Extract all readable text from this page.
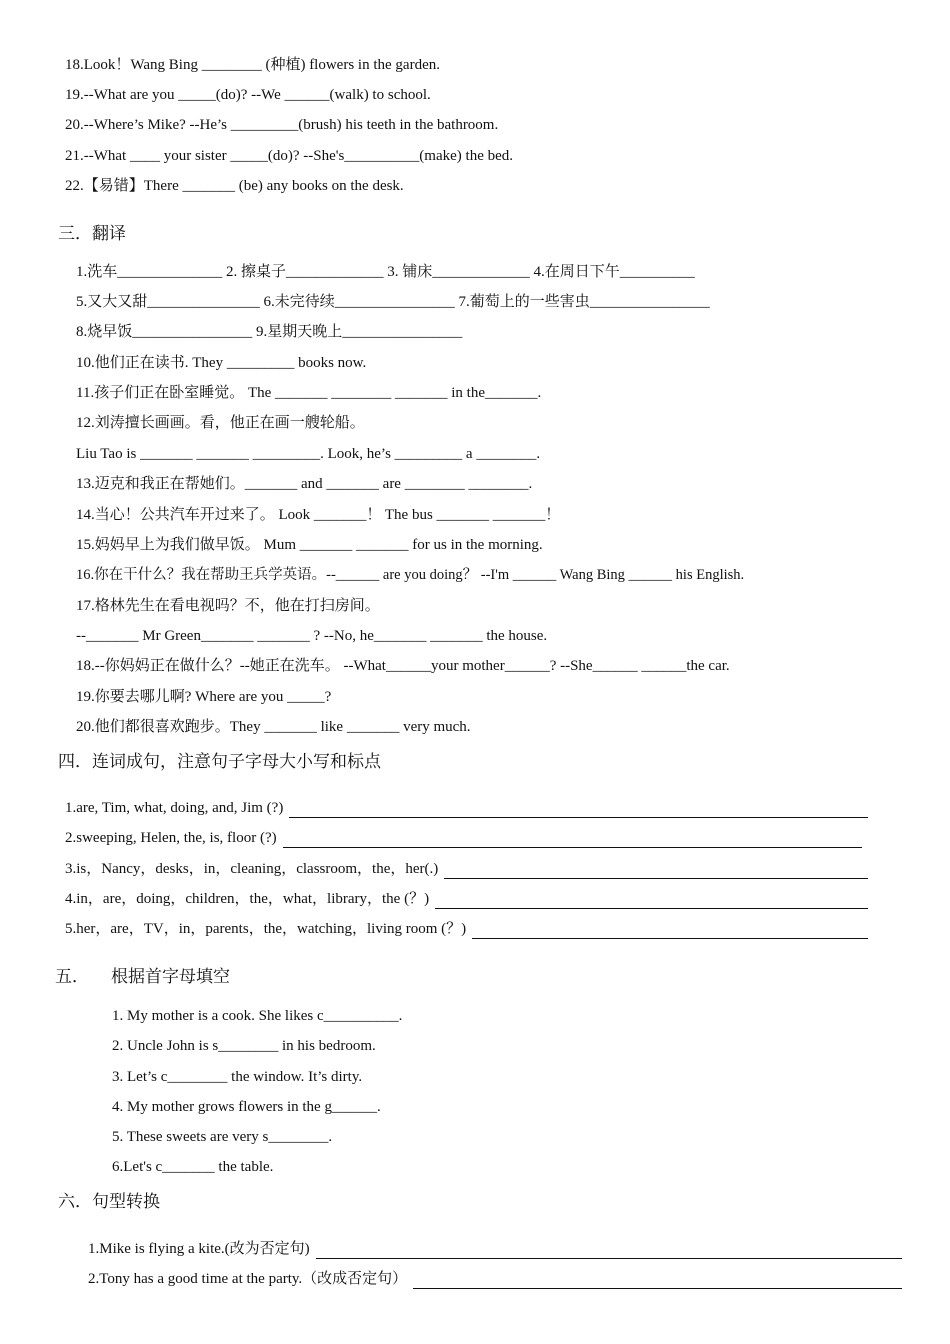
18.Look！Wang Bing ________ (种植) flowers in the garden.
19.--What are you _____(do)? --We ______(walk) to school.
20.--Where’s Mike? --He’s _________(brush) his teeth in the bathroom.
21.--What ____ your sister _____(do)? --She's__________(make) the bed.
22.【易错】There _______ (be) any books on the desk.
三．翻译
1.洗车______________ 2. 擦桌子_____________ 3. 铺床_____________ 4.在周日下午__________
5.又大又甜_______________ 6.未完待续________________ 7.葡萄上的一些害虫________________
8.烧早饭________________ 9.星期天晚上________________
10.他们正在读书. They _________ books now.
11.孩子们正在卧室睡觉。 The _______ ________ _______ in the_______.
12.刘涛擅长画画。看，他正在画一艘轮船。
Liu Tao is _______ _______ _________. Look, he’s _________ a ________.
13.迈克和我正在帮她们。_______ and _______ are ________ ________.
14.当心！公共汽车开过来了。 Look _______！ The bus _______ _______！
15.妈妈早上为我们做早饭。 Mum _______ _______ for us in the morning.
16.你在干什么？我在帮助王兵学英语。--______ are you doing？ --I'm ______ Wang Bing ______ his English.
17.格林先生在看电视吗？不，他在打扫房间。
--_______ Mr Green_______ _______ ? --No, he_______ _______ the house.
18.--你妈妈正在做什么？--她正在洗车。 --What______your mother______? --She______ ______the car.
19.你要去哪儿啊? Where are you _____?
20.他们都很喜欢跑步。They _______ like _______ very much.
四．连词成句，注意句子字母大小写和标点
1.are, Tim, what, doing, and, Jim (?)
2.sweeping, Helen, the, is, floor (?)
3.is，Nancy，desks，in，cleaning，classroom，the，her(.)
4.in，are，doing，children，the，what，library，the (？)
5.her，are，TV，in，parents，the，watching，living room (？)
五． 根据首字母填空
1. My mother is a cook. She likes c__________.
2. Uncle John is s________ in his bedroom.
3. Let’s c________ the window. It’s dirty.
4. My mother grows flowers in the g______.
5. These sweets are very s________.
6.Let's c_______ the table.
六．句型转换
1.Mike is flying a kite.(改为否定句)
2.Tony has a good time at the party.（改成否定句）
